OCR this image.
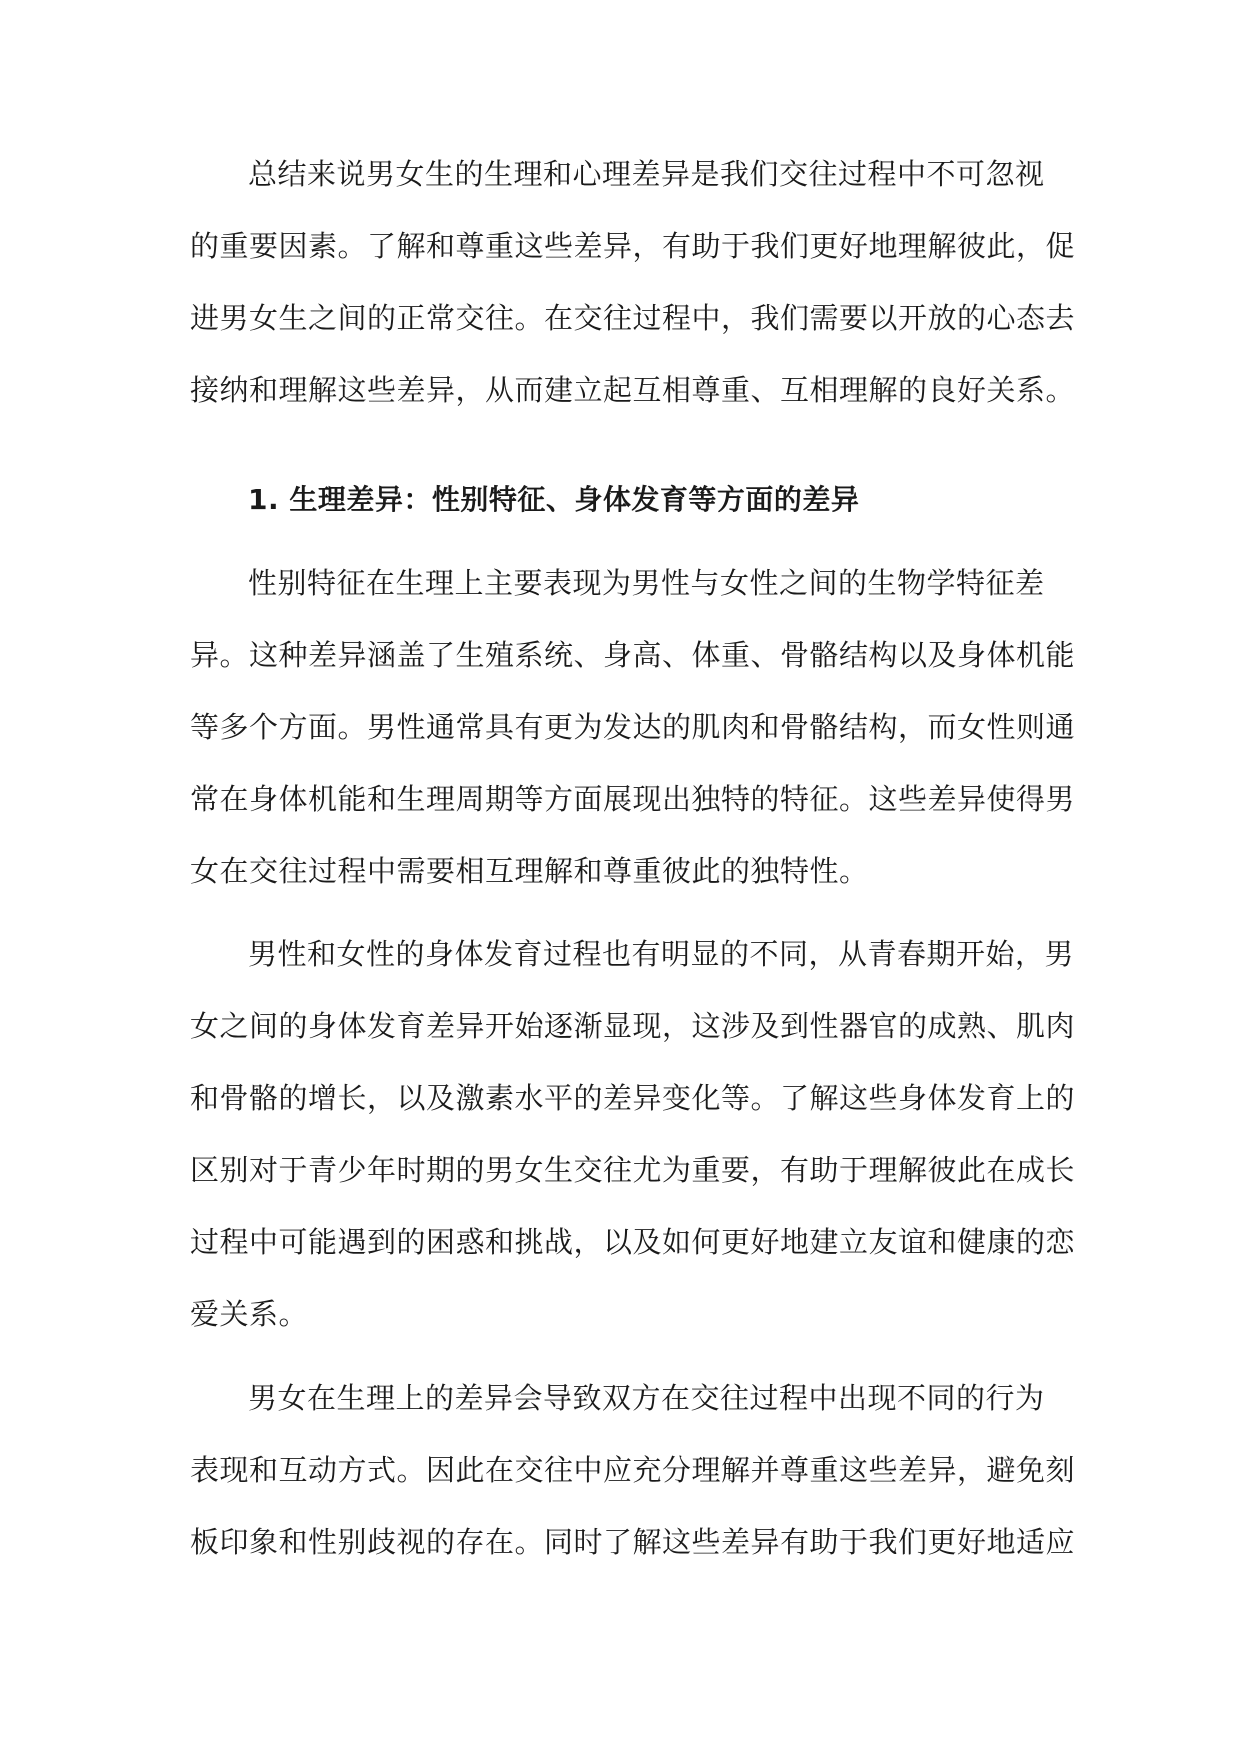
总结来说男女生的生理和心理差异是我们交往过程中不可忽视
的重要因素。了解和尊重这些差异，有助于我们更好地理解彼此，促
进男女生之间的正常交往。在交往过程中，我们需要以开放的心态去
接纳和理解这些差异，从而建立起互相尊重、互相理解的良好关系。
1. 生理差异：性别特征、身体发育等方面的差异
性别特征在生理上主要表现为男性与女性之间的生物学特征差
异。这种差异涵盖了生殖系统、身高、体重、骨骼结构以及身体机能
等多个方面。男性通常具有更为发达的肌肉和骨骼结构，而女性则通
常在身体机能和生理周期等方面展现出独特的特征。这些差异使得男
女在交往过程中需要相互理解和尊重彼此的独特性。
男性和女性的身体发育过程也有明显的不同，从青春期开始，男
女之间的身体发育差异开始逐渐显现，这涉及到性器官的成熟、肌肉
和骨骼的增长，以及激素水平的差异变化等。了解这些身体发育上的
区别对于青少年时期的男女生交往尤为重要，有助于理解彼此在成长
过程中可能遇到的困惑和挑战，以及如何更好地建立友谊和健康的恋
爱关系。
男女在生理上的差异会导致双方在交往过程中出现不同的行为
表现和互动方式。因此在交往中应充分理解并尊重这些差异，避免刻
板印象和性别歧视的存在。同时了解这些差异有助于我们更好地适应
